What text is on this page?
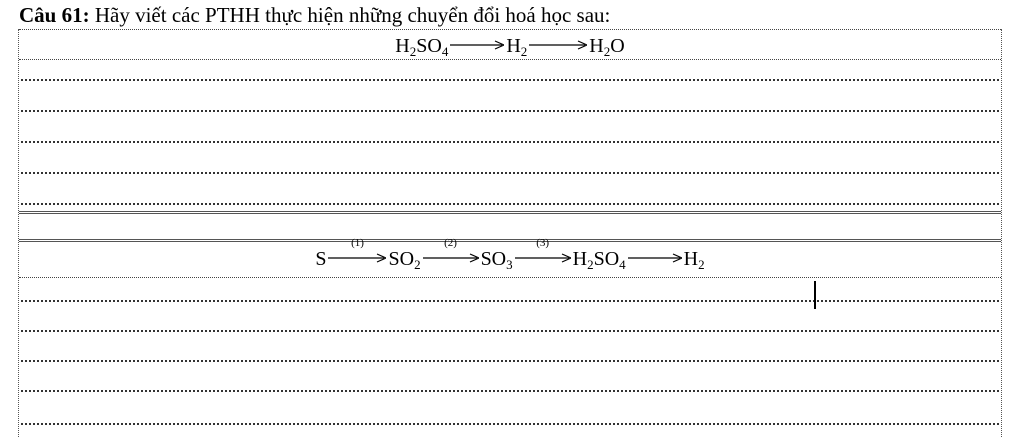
Câu 61: Hãy viết các PTHH thực hiện những chuyển đổi hoá học sau:
$H_2SO_4 \to H_2 \to H_2O$
S
(1)
$SO_2$
(2)
$SO_3$
(3)
$H_2SO_4 \to H_2$
